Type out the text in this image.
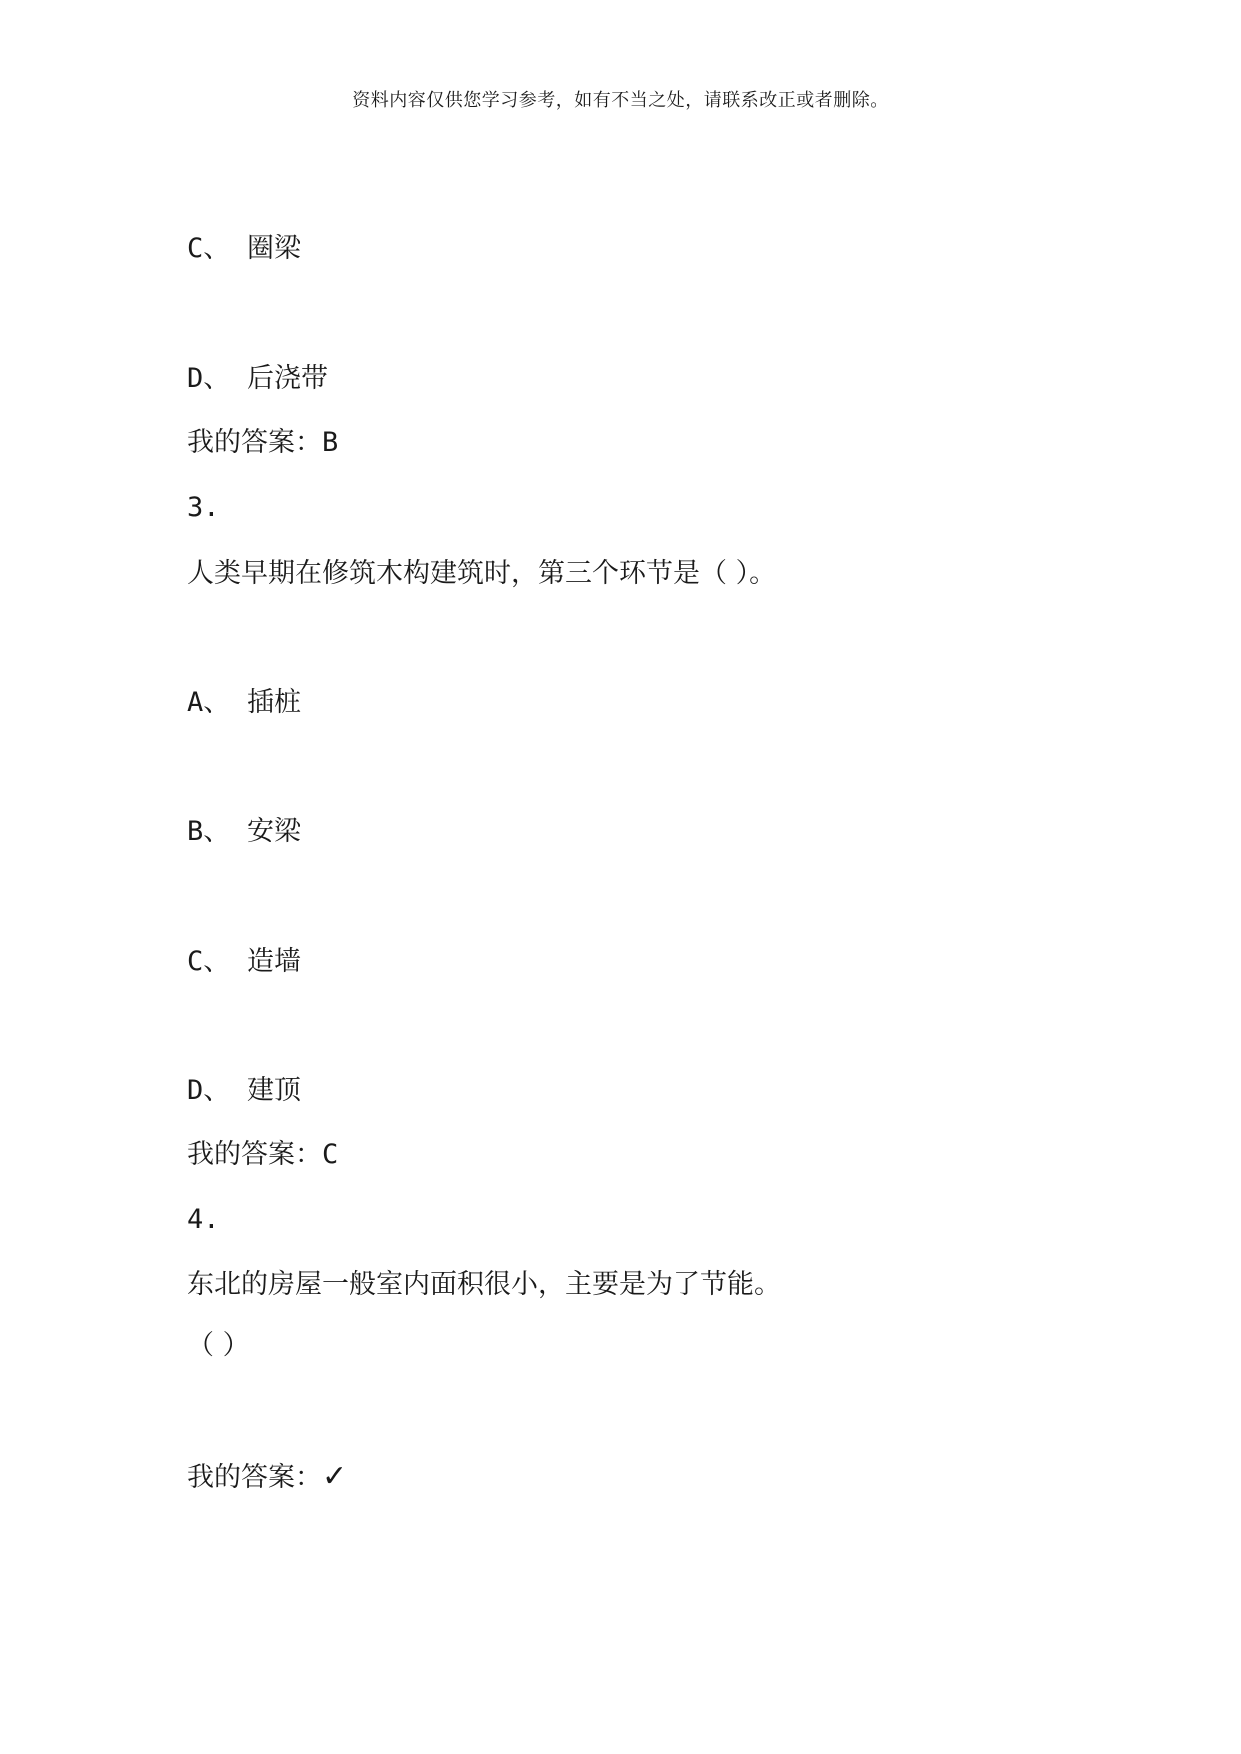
资料内容仅供您学习参考，如有不当之处，请联系改正或者删除。
C、 圈梁
D、 后浇带
我的答案：B
3.
人类早期在修筑木构建筑时，第三个环节是（ ）。
A、 插桩
B、 安梁
C、 造墙
D、 建顶
我的答案：C
4.
东北的房屋一般室内面积很小，主要是为了节能。
（ ）
我的答案：✓
